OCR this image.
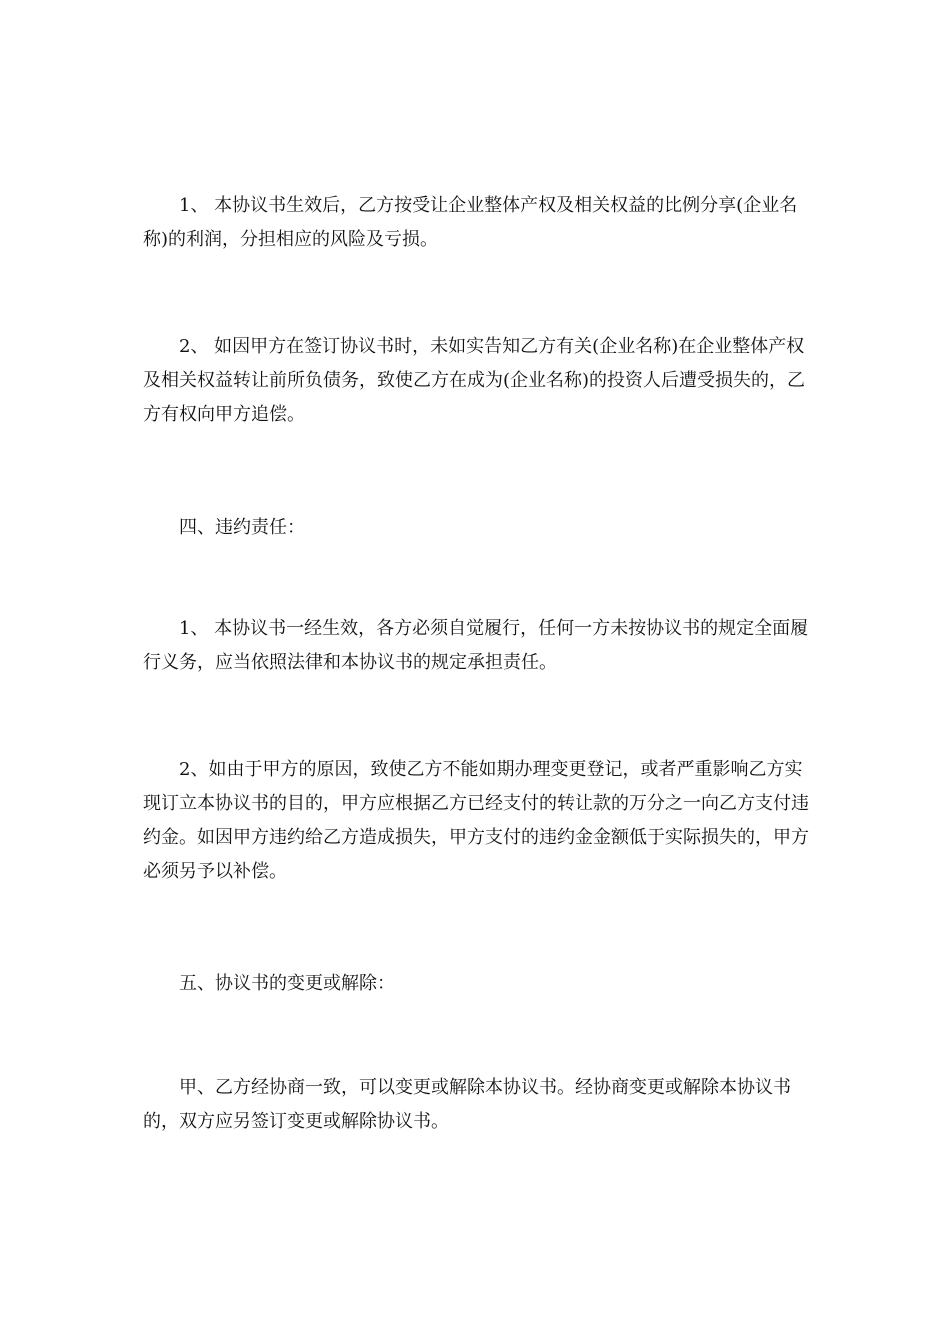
1、 本协议书生效后，乙方按受让企业整体产权及相关权益的比例分享(企业名称)的利润，分担相应的风险及亏损。

2、 如因甲方在签订协议书时，未如实告知乙方有关(企业名称)在企业整体产权及相关权益转让前所负债务，致使乙方在成为(企业名称)的投资人后遭受损失的，乙方有权向甲方追偿。

四、违约责任：

1、 本协议书一经生效，各方必须自觉履行，任何一方未按协议书的规定全面履行义务，应当依照法律和本协议书的规定承担责任。

2、如由于甲方的原因，致使乙方不能如期办理变更登记，或者严重影响乙方实现订立本协议书的目的，甲方应根据乙方已经支付的转让款的万分之一向乙方支付违约金。如因甲方违约给乙方造成损失，甲方支付的违约金金额低于实际损失的，甲方必须另予以补偿。

五、协议书的变更或解除：

甲、乙方经协商一致，可以变更或解除本协议书。经协商变更或解除本协议书的，双方应另签订变更或解除协议书。
